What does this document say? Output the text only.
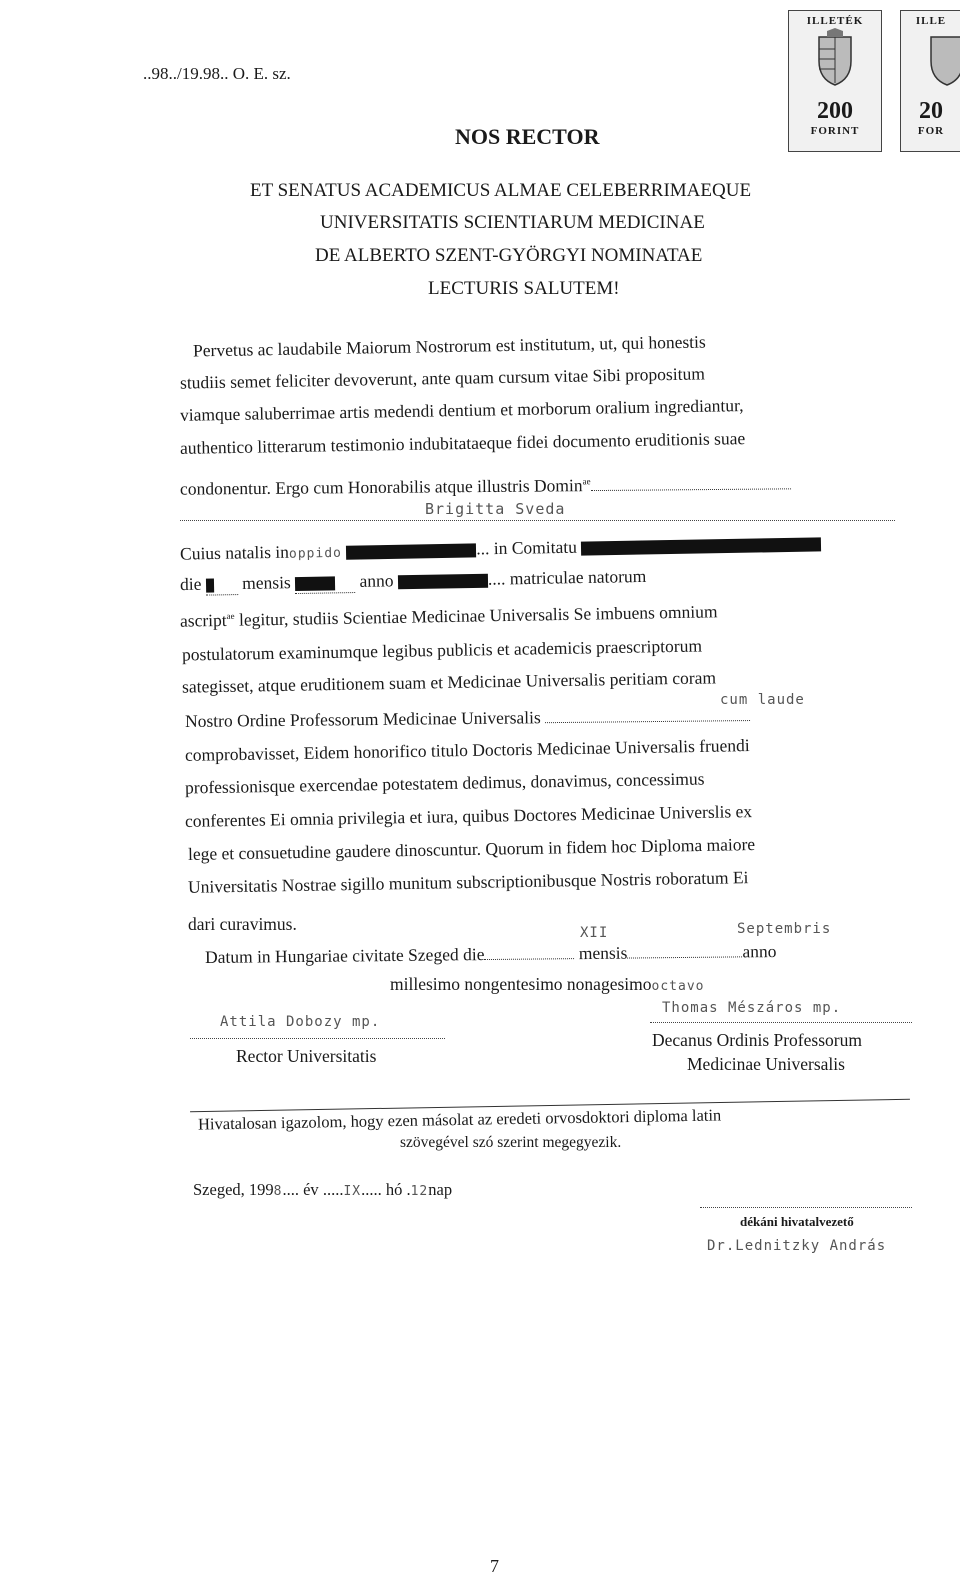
ILLETÉK
200
FORINT
ILLE
20
FOR
..98../19.98.. O. E. sz.
NOS RECTOR
ET SENATUS ACADEMICUS ALMAE CELEBERRIMAEQUE
UNIVERSITATIS SCIENTIARUM MEDICINAE
DE ALBERTO SZENT-GYÖRGYI NOMINATAE
LECTURIS SALUTEM!
Pervetus ac laudabile Maiorum Nostrorum est institutum, ut, qui honestis
studiis semet feliciter devoverunt, ante quam cursum vitae Sibi propositum
viamque saluberrimae artis medendi dentium et morborum oralium ingrediantur,
authentico litterarum testimonio indubitataeque fidei documento eruditionis suae
condonentur. Ergo cum Honorabilis atque illustris Domin$^{ae}$
Brigitta Sveda
Cuius natalis inoppido	... in Comitatu
die mensis	anno	.... matriculae natorum
ascript$^{ae}$ legitur, studiis Scientiae Medicinae Universalis Se imbuens omnium
postulatorum examinumque legibus publicis et academicis praescriptorum
sategisset, atque eruditionem suam et Medicinae Universalis peritiam coram
cum laude
Nostro Ordine Professorum Medicinae Universalis
comprobavisset, Eidem honorifico titulo Doctoris Medicinae Universalis fruendi
professionisque exercendae potestatem dedimus, donavimus, concessimus
conferentes Ei omnia privilegia et iura, quibus Doctores Medicinae Universlis ex
lege et consuetudine gaudere dinoscuntur. Quorum in fidem hoc Diploma maiore
Universitatis Nostrae sigillo munitum subscriptionibusque Nostris roboratum Ei
dari curavimus.	XII	Septembris
Datum in Hungariae civitate Szeged die	mensis	anno
millesimo nongentesimo nonagesimooctavo
Attila Dobozy mp.
Rector Universitatis
Thomas Mészáros mp.
Decanus Ordinis Professorum
Medicinae Universalis
Hivatalosan igazolom, hogy ezen másolat az eredeti orvosdoktori diploma latin
szövegével szó szerint megegyezik.
Szeged, 1998.... év .....IX..... hó .12nap
dékáni hivatalvezető
Dr.Lednitzky András
7
